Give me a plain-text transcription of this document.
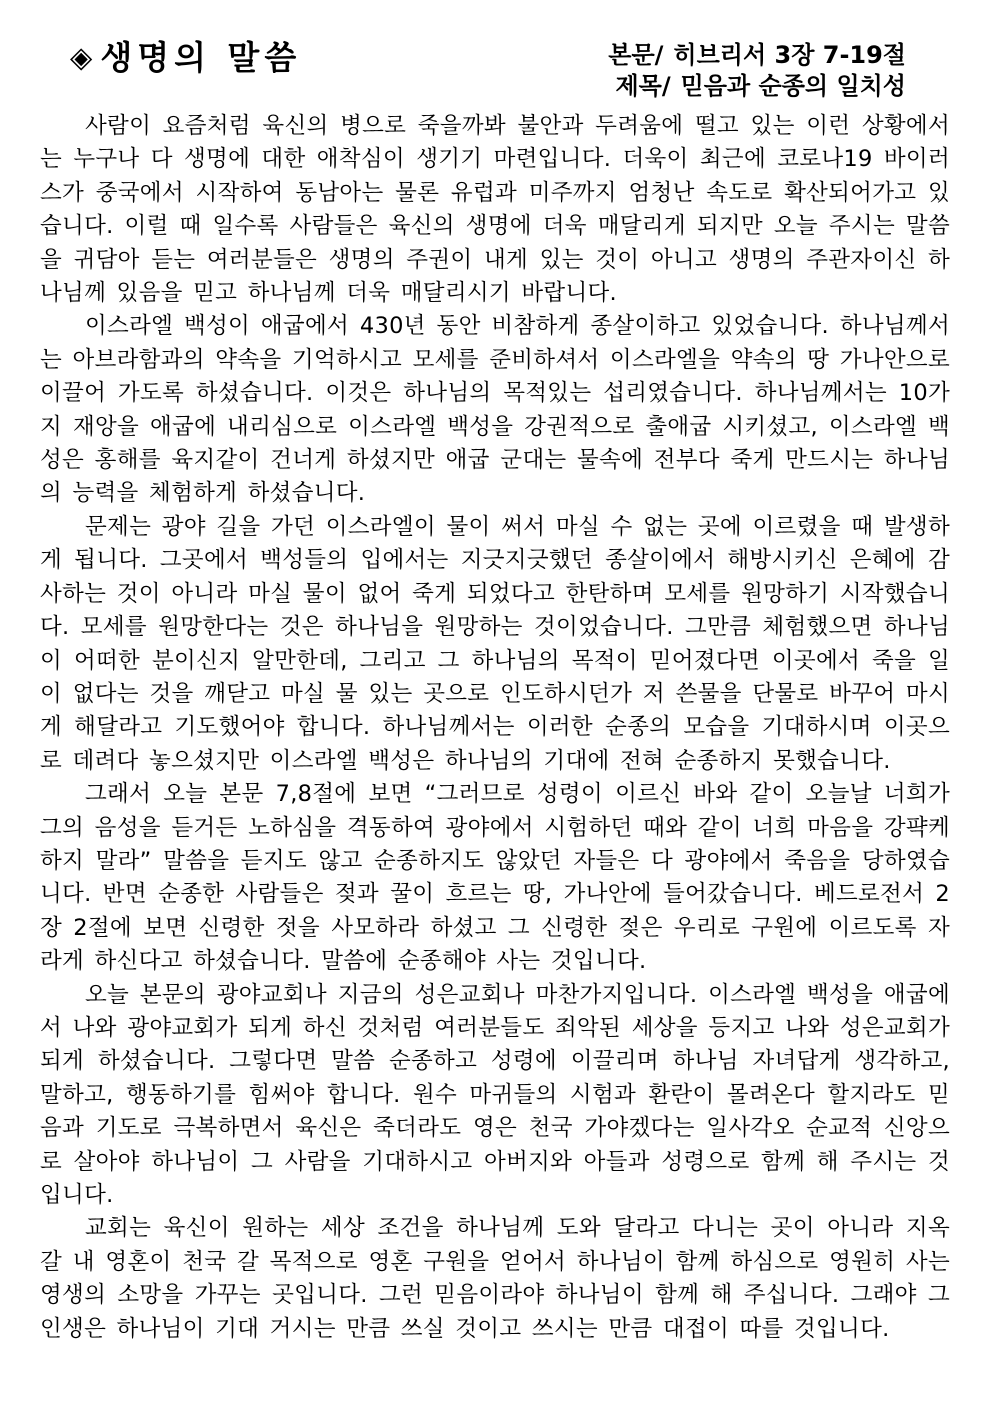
◈ 생명의 말씀	본문/ 히브리서 3장 7-19절
제목/ 믿음과 순종의 일치성

사람이 요즘처럼 육신의 병으로 죽을까봐 불안과 두려움에 떨고 있는 이런 상황에서는 누구나 다 생명에 대한 애착심이 생기기 마련입니다. 더욱이 최근에 코로나19 바이러스가 중국에서 시작하여 동남아는 물론 유럽과 미주까지 엄청난 속도로 확산되어가고 있습니다. 이럴 때 일수록 사람들은 육신의 생명에 더욱 매달리게 되지만 오늘 주시는 말씀을 귀담아 듣는 여러분들은 생명의 주권이 내게 있는 것이 아니고 생명의 주관자이신 하나님께 있음을 믿고 하나님께 더욱 매달리시기 바랍니다.

이스라엘 백성이 애굽에서 430년 동안 비참하게 종살이하고 있었습니다. 하나님께서는 아브라함과의 약속을 기억하시고 모세를 준비하셔서 이스라엘을 약속의 땅 가나안으로 이끌어 가도록 하셨습니다. 이것은 하나님의 목적있는 섭리였습니다. 하나님께서는 10가지 재앙을 애굽에 내리심으로 이스라엘 백성을 강권적으로 출애굽 시키셨고, 이스라엘 백성은 홍해를 육지같이 건너게 하셨지만 애굽 군대는 물속에 전부다 죽게 만드시는 하나님의 능력을 체험하게 하셨습니다.

문제는 광야 길을 가던 이스라엘이 물이 써서 마실 수 없는 곳에 이르렸을 때 발생하게 됩니다. 그곳에서 백성들의 입에서는 지긋지긋했던 종살이에서 해방시키신 은혜에 감사하는 것이 아니라 마실 물이 없어 죽게 되었다고 한탄하며 모세를 원망하기 시작했습니다. 모세를 원망한다는 것은 하나님을 원망하는 것이었습니다. 그만큼 체험했으면 하나님이 어떠한 분이신지 알만한데, 그리고 그 하나님의 목적이 믿어졌다면 이곳에서 죽을 일이 없다는 것을 깨닫고 마실 물 있는 곳으로 인도하시던가 저 쓴물을 단물로 바꾸어 마시게 해달라고 기도했어야 합니다. 하나님께서는 이러한 순종의 모습을 기대하시며 이곳으로 데려다 놓으셨지만 이스라엘 백성은 하나님의 기대에 전혀 순종하지 못했습니다.

그래서 오늘 본문 7,8절에 보면 “그러므로 성령이 이르신 바와 같이 오늘날 너희가 그의 음성을 듣거든 노하심을 격동하여 광야에서 시험하던 때와 같이 너희 마음을 강퍅케 하지 말라” 말씀을 듣지도 않고 순종하지도 않았던 자들은 다 광야에서 죽음을 당하였습니다. 반면 순종한 사람들은 젖과 꿀이 흐르는 땅, 가나안에 들어갔습니다. 베드로전서 2장 2절에 보면 신령한 젓을 사모하라 하셨고 그 신령한 젖은 우리로 구원에 이르도록 자라게 하신다고 하셨습니다. 말씀에 순종해야 사는 것입니다.

오늘 본문의 광야교회나 지금의 성은교회나 마찬가지입니다. 이스라엘 백성을 애굽에서 나와 광야교회가 되게 하신 것처럼 여러분들도 죄악된 세상을 등지고 나와 성은교회가 되게 하셨습니다. 그렇다면 말씀 순종하고 성령에 이끌리며 하나님 자녀답게 생각하고, 말하고, 행동하기를 힘써야 합니다. 원수 마귀들의 시험과 환란이 몰려온다 할지라도 믿음과 기도로 극복하면서 육신은 죽더라도 영은 천국 가야겠다는 일사각오 순교적 신앙으로 살아야 하나님이 그 사람을 기대하시고 아버지와 아들과 성령으로 함께 해 주시는 것입니다.

교회는 육신이 원하는 세상 조건을 하나님께 도와 달라고 다니는 곳이 아니라 지옥 갈 내 영혼이 천국 갈 목적으로 영혼 구원을 얻어서 하나님이 함께 하심으로 영원히 사는 영생의 소망을 가꾸는 곳입니다. 그런 믿음이라야 하나님이 함께 해 주십니다. 그래야 그 인생은 하나님이 기대 거시는 만큼 쓰실 것이고 쓰시는 만큼 대접이 따를 것입니다.
